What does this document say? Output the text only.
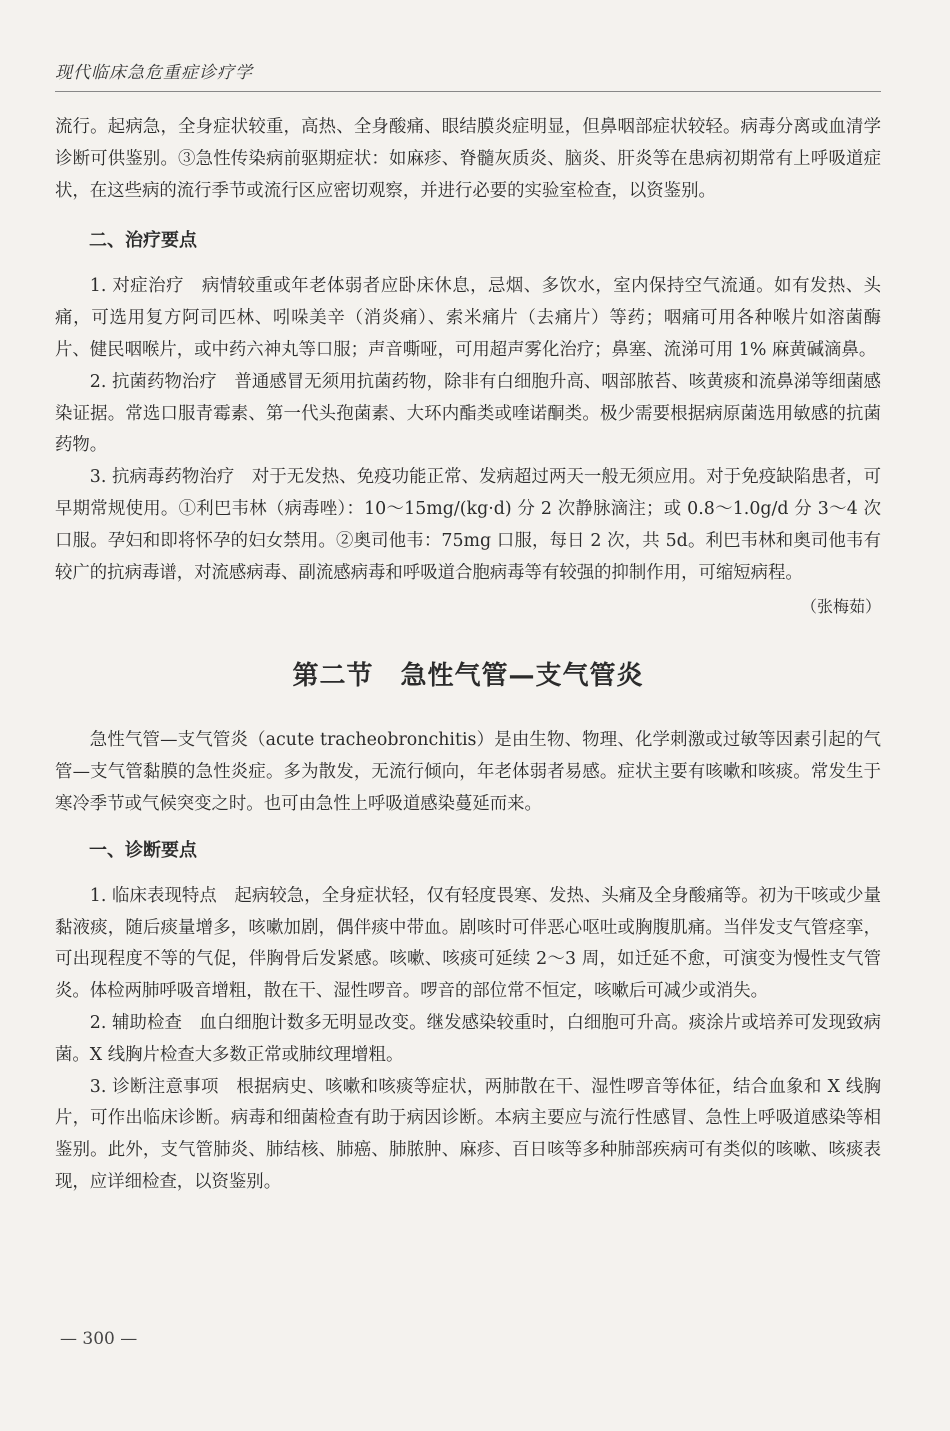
现代临床急危重症诊疗学

流行。起病急，全身症状较重，高热、全身酸痛、眼结膜炎症明显，但鼻咽部症状较轻。病毒分离或血清学诊断可供鉴别。③急性传染病前驱期症状：如麻疹、脊髓灰质炎、脑炎、肝炎等在患病初期常有上呼吸道症状，在这些病的流行季节或流行区应密切观察，并进行必要的实验室检查，以资鉴别。

二、治疗要点

1. 对症治疗　病情较重或年老体弱者应卧床休息，忌烟、多饮水，室内保持空气流通。如有发热、头痛，可选用复方阿司匹林、吲哚美辛（消炎痛）、索米痛片（去痛片）等药；咽痛可用各种喉片如溶菌酶片、健民咽喉片，或中药六神丸等口服；声音嘶哑，可用超声雾化治疗；鼻塞、流涕可用 1% 麻黄碱滴鼻。

2. 抗菌药物治疗　普通感冒无须用抗菌药物，除非有白细胞升高、咽部脓苔、咳黄痰和流鼻涕等细菌感染证据。常选口服青霉素、第一代头孢菌素、大环内酯类或喹诺酮类。极少需要根据病原菌选用敏感的抗菌药物。

3. 抗病毒药物治疗　对于无发热、免疫功能正常、发病超过两天一般无须应用。对于免疫缺陷患者，可早期常规使用。①利巴韦林（病毒唑）：10～15mg/(kg·d) 分 2 次静脉滴注；或 0.8～1.0g/d 分 3～4 次口服。孕妇和即将怀孕的妇女禁用。②奥司他韦：75mg 口服，每日 2 次，共 5d。利巴韦林和奥司他韦有较广的抗病毒谱，对流感病毒、副流感病毒和呼吸道合胞病毒等有较强的抑制作用，可缩短病程。

（张梅茹）

第二节　急性气管—支气管炎

急性气管—支气管炎（acute tracheobronchitis）是由生物、物理、化学刺激或过敏等因素引起的气管—支气管黏膜的急性炎症。多为散发，无流行倾向，年老体弱者易感。症状主要有咳嗽和咳痰。常发生于寒冷季节或气候突变之时。也可由急性上呼吸道感染蔓延而来。

一、诊断要点

1. 临床表现特点　起病较急，全身症状轻，仅有轻度畏寒、发热、头痛及全身酸痛等。初为干咳或少量黏液痰，随后痰量增多，咳嗽加剧，偶伴痰中带血。剧咳时可伴恶心呕吐或胸腹肌痛。当伴发支气管痉挛，可出现程度不等的气促，伴胸骨后发紧感。咳嗽、咳痰可延续 2～3 周，如迁延不愈，可演变为慢性支气管炎。体检两肺呼吸音增粗，散在干、湿性啰音。啰音的部位常不恒定，咳嗽后可减少或消失。

2. 辅助检查　血白细胞计数多无明显改变。继发感染较重时，白细胞可升高。痰涂片或培养可发现致病菌。X 线胸片检查大多数正常或肺纹理增粗。

3. 诊断注意事项　根据病史、咳嗽和咳痰等症状，两肺散在干、湿性啰音等体征，结合血象和 X 线胸片，可作出临床诊断。病毒和细菌检查有助于病因诊断。本病主要应与流行性感冒、急性上呼吸道感染等相鉴别。此外，支气管肺炎、肺结核、肺癌、肺脓肿、麻疹、百日咳等多种肺部疾病可有类似的咳嗽、咳痰表现，应详细检查，以资鉴别。

— 300 —
